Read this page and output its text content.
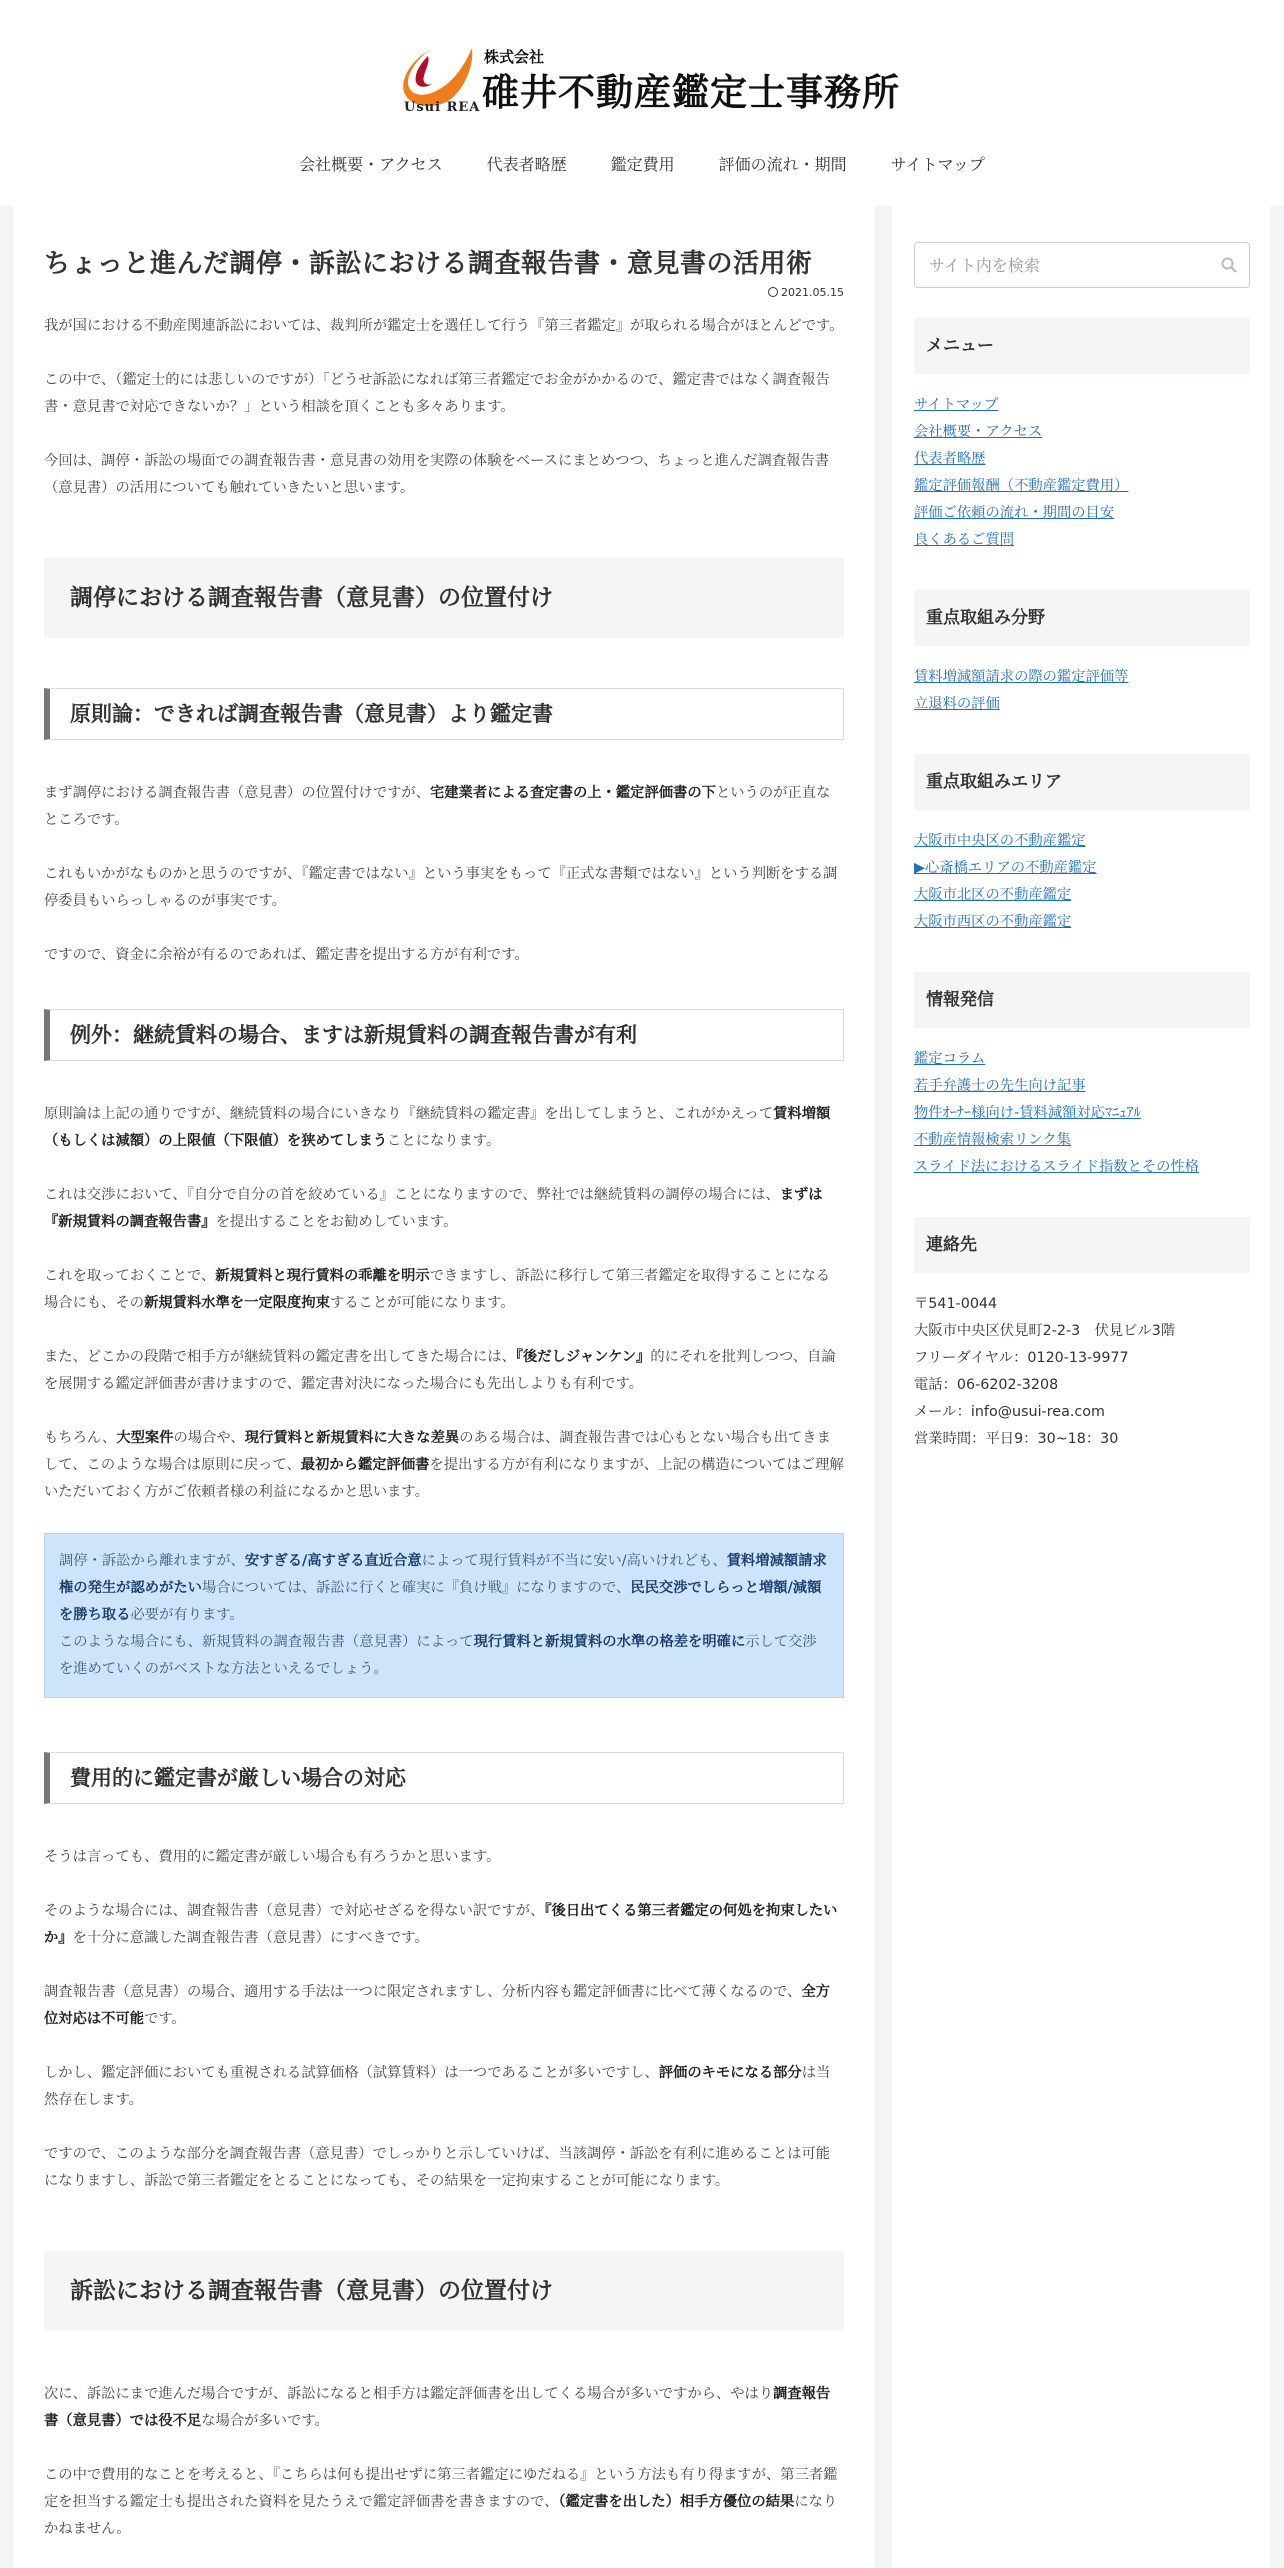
Usui REA
株式会社
碓井不動産鑑定士事務所
会社概要・アクセス	代表者略歴	鑑定費用	評価の流れ・期間	サイトマップ
ちょっと進んだ調停・訴訟における調査報告書・意見書の活用術
2021.05.15

我が国における不動産関連訴訟においては、裁判所が鑑定士を選任して行う『第三者鑑定』が取られる場合がほとんどです。

この中で、（鑑定士的には悲しいのですが）「どうせ訴訟になれば第三者鑑定でお金がかかるので、鑑定書ではなく調査報告書・意見書で対応できないか？」という相談を頂くことも多々あります。

今回は、調停・訴訟の場面での調査報告書・意見書の効用を実際の体験をベースにまとめつつ、ちょっと進んだ調査報告書（意見書）の活用についても触れていきたいと思います。

調停における調査報告書（意見書）の位置付け
原則論：できれば調査報告書（意見書）より鑑定書

まず調停における調査報告書（意見書）の位置付けですが、宅建業者による査定書の上・鑑定評価書の下というのが正直なところです。

これもいかがなものかと思うのですが、『鑑定書ではない』という事実をもって『正式な書類ではない』という判断をする調停委員もいらっしゃるのが事実です。

ですので、資金に余裕が有るのであれば、鑑定書を提出する方が有利です。

例外：継続賃料の場合、ますは新規賃料の調査報告書が有利

原則論は上記の通りですが、継続賃料の場合にいきなり『継続賃料の鑑定書』を出してしまうと、これがかえって賃料増額（もしくは減額）の上限値（下限値）を狭めてしまうことになります。

これは交渉において、『自分で自分の首を絞めている』ことになりますので、弊社では継続賃料の調停の場合には、まずは『新規賃料の調査報告書』を提出することをお勧めしています。

これを取っておくことで、新規賃料と現行賃料の乖離を明示できますし、訴訟に移行して第三者鑑定を取得することになる場合にも、その新規賃料水準を一定限度拘束することが可能になります。

また、どこかの段階で相手方が継続賃料の鑑定書を出してきた場合には、『後だしジャンケン』的にそれを批判しつつ、自論を展開する鑑定評価書が書けますので、鑑定書対決になった場合にも先出しよりも有利です。

もちろん、大型案件の場合や、現行賃料と新規賃料に大きな差異のある場合は、調査報告書では心もとない場合も出てきまして、このような場合は原則に戻って、最初から鑑定評価書を提出する方が有利になりますが、上記の構造についてはご理解いただいておく方がご依頼者様の利益になるかと思います。

調停・訴訟から離れますが、安すぎる/高すぎる直近合意によって現行賃料が不当に安い/高いけれども、賃料増減額請求権の発生が認めがたい場合については、訴訟に行くと確実に『負け戦』になりますので、民民交渉でしらっと増額/減額を勝ち取る必要が有ります。

このような場合にも、新規賃料の調査報告書（意見書）によって現行賃料と新規賃料の水準の格差を明確に示して交渉を進めていくのがベストな方法といえるでしょう。

費用的に鑑定書が厳しい場合の対応

そうは言っても、費用的に鑑定書が厳しい場合も有ろうかと思います。

そのような場合には、調査報告書（意見書）で対応せざるを得ない訳ですが、『後日出てくる第三者鑑定の何処を拘束したいか』を十分に意識した調査報告書（意見書）にすべきです。

調査報告書（意見書）の場合、適用する手法は一つに限定されますし、分析内容も鑑定評価書に比べて薄くなるので、全方位対応は不可能です。

しかし、鑑定評価においても重視される試算価格（試算賃料）は一つであることが多いですし、評価のキモになる部分は当然存在します。

ですので、このような部分を調査報告書（意見書）でしっかりと示していけば、当該調停・訴訟を有利に進めることは可能になりますし、訴訟で第三者鑑定をとることになっても、その結果を一定拘束することが可能になります。

訴訟における調査報告書（意見書）の位置付け

次に、訴訟にまで進んだ場合ですが、訴訟になると相手方は鑑定評価書を出してくる場合が多いですから、やはり調査報告書（意見書）では役不足な場合が多いです。

この中で費用的なことを考えると、『こちらは何も提出せずに第三者鑑定にゆだねる』という方法も有り得ますが、第三者鑑定を担当する鑑定士も提出された資料を見たうえで鑑定評価書を書きますので、（鑑定書を出した）相手方優位の結果になりかねません。

サイト内を検索
メニュー
サイトマップ
会社概要・アクセス
代表者略歴
鑑定評価報酬（不動産鑑定費用）
評価ご依頼の流れ・期間の目安
良くあるご質問
重点取組み分野
賃料増減額請求の際の鑑定評価等
立退料の評価
重点取組みエリア
大阪市中央区の不動産鑑定
▶心斎橋エリアの不動産鑑定
大阪市北区の不動産鑑定
大阪市西区の不動産鑑定
情報発信
鑑定コラム
若手弁護士の先生向け記事
物件ｵｰﾅｰ様向け-賃料減額対応ﾏﾆｭｱﾙ
不動産情報検索リンク集
スライド法におけるスライド指数とその性格
連絡先
〒541-0044
大阪市中央区伏見町2-2-3　伏見ビル3階
フリーダイヤル：0120-13-9977
電話：06-6202-3208
メール：info@usui-rea.com
営業時間：平日9：30~18：30
